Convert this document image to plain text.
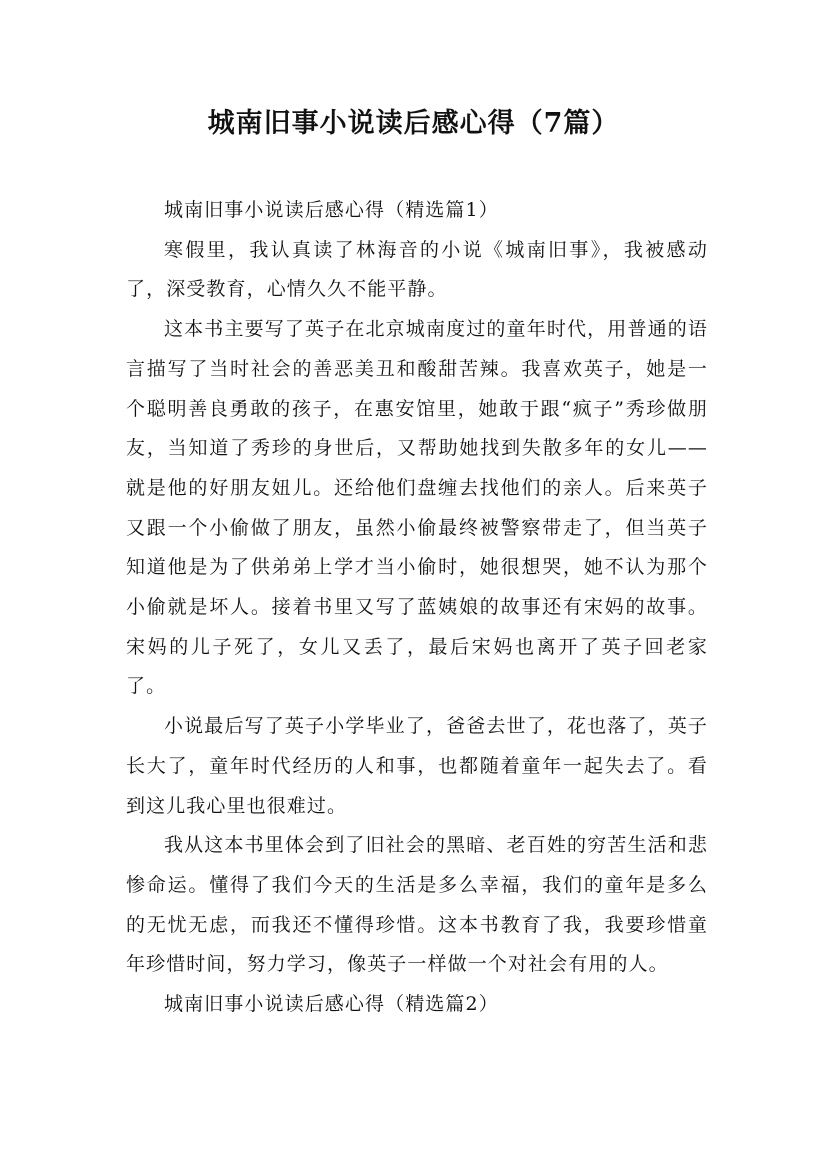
城南旧事小说读后感心得（7篇）

城南旧事小说读后感心得（精选篇1）

寒假里，我认真读了林海音的小说《城南旧事》，我被感动了，深受教育，心情久久不能平静。

这本书主要写了英子在北京城南度过的童年时代，用普通的语言描写了当时社会的善恶美丑和酸甜苦辣。我喜欢英子，她是一个聪明善良勇敢的孩子，在惠安馆里，她敢于跟“疯子”秀珍做朋友，当知道了秀珍的身世后，又帮助她找到失散多年的女儿——就是他的好朋友妞儿。还给他们盘缠去找他们的亲人。后来英子又跟一个小偷做了朋友，虽然小偷最终被警察带走了，但当英子知道他是为了供弟弟上学才当小偷时，她很想哭，她不认为那个小偷就是坏人。接着书里又写了蓝姨娘的故事还有宋妈的故事。宋妈的儿子死了，女儿又丢了，最后宋妈也离开了英子回老家了。

小说最后写了英子小学毕业了，爸爸去世了，花也落了，英子长大了，童年时代经历的人和事，也都随着童年一起失去了。看到这儿我心里也很难过。

我从这本书里体会到了旧社会的黑暗、老百姓的穷苦生活和悲惨命运。懂得了我们今天的生活是多么幸福，我们的童年是多么的无忧无虑，而我还不懂得珍惜。这本书教育了我，我要珍惜童年珍惜时间，努力学习，像英子一样做一个对社会有用的人。

城南旧事小说读后感心得（精选篇2）
